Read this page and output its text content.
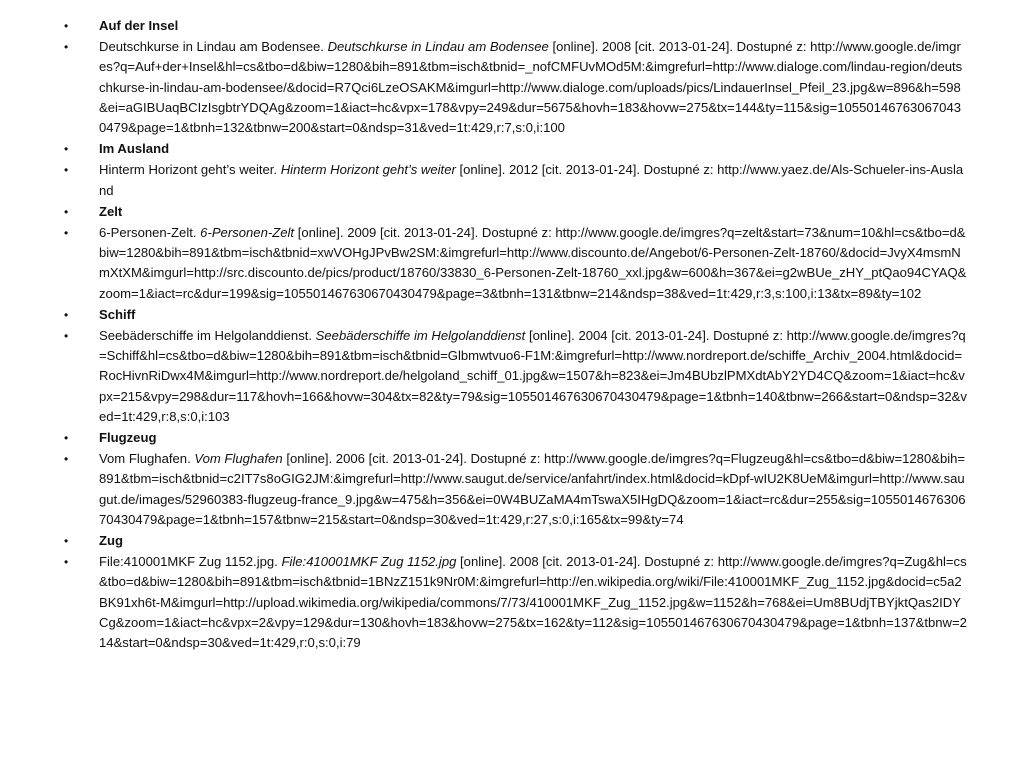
•	Auf der Insel
•	Deutschkurse in Lindau am Bodensee. Deutschkurse in Lindau am Bodensee [online]. 2008 [cit. 2013-01-24]. Dostupné z: http://www.google.de/imgres?q=Auf+der+Insel&hl=cs&tbo=d&biw=1280&bih=891&tbm=isch&tbnid=_nofCMFUvMOd5M:&imgrefurl=http://www.dialoge.com/lindau-region/deutschkurse-in-lindau-am-bodensee/&docid=R7Qci6LzeOSAKM&imgurl=http://www.dialoge.com/uploads/pics/LindauerInsel_Pfeil_23.jpg&w=896&h=598&ei=aGIBUaqBCIzIsgbtrYDQAg&zoom=1&iact=hc&vpx=178&vpy=249&dur=5675&hovh=183&hovw=275&tx=144&ty=115&sig=105501467630670430479&page=1&tbnh=132&tbnw=200&start=0&ndsp=31&ved=1t:429,r:7,s:0,i:100
•	Im Ausland
•	Hinterm Horizont geht’s weiter. Hinterm Horizont geht’s weiter [online]. 2012 [cit. 2013-01-24]. Dostupné z: http://www.yaez.de/Als-Schueler-ins-Ausland
•	Zelt
•	6-Personen-Zelt. 6-Personen-Zelt [online]. 2009 [cit. 2013-01-24]. Dostupné z: http://www.google.de/imgres?q=zelt&start=73&num=10&hl=cs&tbo=d&biw=1280&bih=891&tbm=isch&tbnid=xwVOHgJPvBw2SM:&imgrefurl=http://www.discounto.de/Angebot/6-Personen-Zelt-18760/&docid=JvyX4msmNmXtXM&imgurl=http://src.discounto.de/pics/product/18760/33830_6-Personen-Zelt-18760_xxl.jpg&w=600&h=367&ei=g2wBUe_zHY_ptQao94CYAQ&zoom=1&iact=rc&dur=199&sig=105501467630670430479&page=3&tbnh=131&tbnw=214&ndsp=38&ved=1t:429,r:3,s:100,i:13&tx=89&ty=102
•	Schiff
•	Seebäderschiffe im Helgolanddienst. Seebäderschiffe im Helgolanddienst [online]. 2004 [cit. 2013-01-24]. Dostupné z: http://www.google.de/imgres?q=Schiff&hl=cs&tbo=d&biw=1280&bih=891&tbm=isch&tbnid=Glbmwtvuo6-F1M:&imgrefurl=http://www.nordreport.de/schiffe_Archiv_2004.html&docid=RocHivnRiDwx4M&imgurl=http://www.nordreport.de/helgoland_schiff_01.jpg&w=1507&h=823&ei=Jm4BUbzlPMXdtAbY2YD4CQ&zoom=1&iact=hc&vpx=215&vpy=298&dur=117&hovh=166&hovw=304&tx=82&ty=79&sig=105501467630670430479&page=1&tbnh=140&tbnw=266&start=0&ndsp=32&ved=1t:429,r:8,s:0,i:103
•	Flugzeug
•	Vom Flughafen. Vom Flughafen [online]. 2006 [cit. 2013-01-24]. Dostupné z: http://www.google.de/imgres?q=Flugzeug&hl=cs&tbo=d&biw=1280&bih=891&tbm=isch&tbnid=c2IT7s8oGIG2JM:&imgrefurl=http://www.saugut.de/service/anfahrt/index.html&docid=kDpf-wIU2K8UeM&imgurl=http://www.saugut.de/images/52960383-flugzeug-france_9.jpg&w=475&h=356&ei=0W4BUZaMA4mTswaX5IHgDQ&zoom=1&iact=rc&dur=255&sig=105501467630670430479&page=1&tbnh=157&tbnw=215&start=0&ndsp=30&ved=1t:429,r:27,s:0,i:165&tx=99&ty=74
•	Zug
•	File:410001MKF Zug 1152.jpg. File:410001MKF Zug 1152.jpg [online]. 2008 [cit. 2013-01-24]. Dostupné z: http://www.google.de/imgres?q=Zug&hl=cs&tbo=d&biw=1280&bih=891&tbm=isch&tbnid=1BNzZ151k9Nr0M:&imgrefurl=http://en.wikipedia.org/wiki/File:410001MKF_Zug_1152.jpg&docid=c5a2BK91xh6t-M&imgurl=http://upload.wikimedia.org/wikipedia/commons/7/73/410001MKF_Zug_1152.jpg&w=1152&h=768&ei=Um8BUdjTBYjktQas2IDYCg&zoom=1&iact=hc&vpx=2&vpy=129&dur=130&hovh=183&hovw=275&tx=162&ty=112&sig=105501467630670430479&page=1&tbnh=137&tbnw=214&start=0&ndsp=30&ved=1t:429,r:0,s:0,i:79
